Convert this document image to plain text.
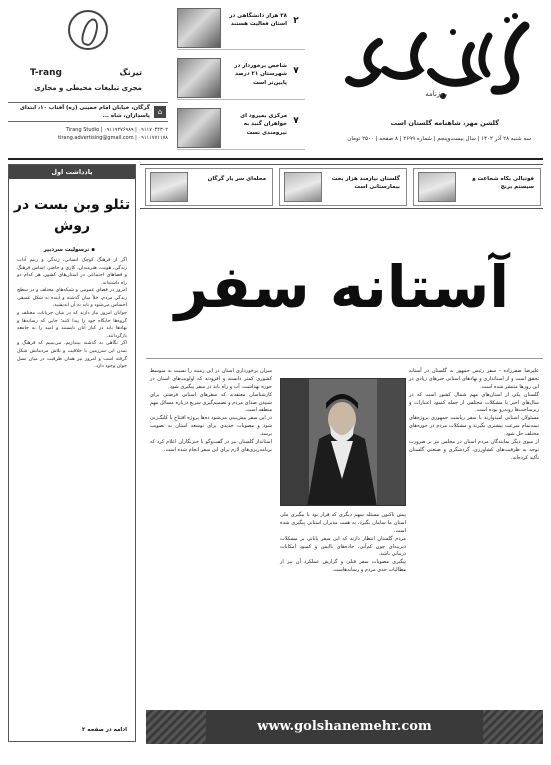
روزنامه
گلشن مهر، شاهنامه گلستان است
سه شنبه ۲۸ آذر ۱۴۰۲ | سال بیست‌وپنجم | شماره ۲۶۹۹ | ۸ صفحه | ۲۵۰۰ تومان
۲
۳۸ هزار دانشگاهی در استان فعالیت هستند
۷
شاخص برخوردار در شهرستان ۲۱ درصد پایین‌تر است
۷
مرکزی بمیرود ای خواهران گنبد به نیرومندی تست
T-rang	تیرنگ
مجری تبلیغات محیطی و مجازی
⌂
گرگان، خیابان امام خمینی (ره) آفتاب ۱۰، ابتدای پاسداران، شاه ...
۰۹۱۱۷۰۴۴۳۰۲ | ۰۹۱۱۹۲۷۶۹۸۹ | Tirang Studio
۰۹۱۱۱۷۷۱۱۷۸ | tirang.advertising@gmail.com
فوتبالی یکاه شجاعت و سیستم برنج
گلستان نیازمند هزار بخت بیمارستانی است
محله‌ای سر یار گرگان
یادداشت اول
تئلو وبن بست در روش
▪ نرسولیت سردبیر
اگر از فرهنگ کوچک انسانی، زندگی و ریتم آداب زندگی، هویت، هنرمندان، کاری و حاضر، اساس فرهنگ و فضاهای اجتماعی در استان‌های کشور، هر کدام دو راه داشته‌اند.
امروز در فضای عمومی و شبکه‌های مختلف و در سطح زندگی مردم، خلأ میان گذشته و آینده به شکل عمیقی احساس می‌شود و باید به آن اندیشید.
جوانان امروز نیاز دارند که در میان جریانات مختلف و گروه‌ها جایگاه خود را پیدا کنند؛ جایی که رسانه‌ها و نهادها باید در کنار آنان بایستند و امید را به جامعه بازگردانند.
اگر نگاهی به گذشته بیندازیم، می‌بینیم که فرهنگ و تمدن این سرزمین با خلاقیت و تلاش مردمانش شکل گرفته است و امروز نیز همان ظرفیت در میان نسل جوان وجود دارد.
ادامه در صفحه ۲
آستانه سفر
علیرضا صفرزاده - سفر رئیس جمهور به گلستان در آستانه تحقق است و از استانداری و نهادهای استانی خبرهای زیادی در این روزها منتشر شده است.
گلستان یکی از استان‌های مهم شمال کشور است که در سال‌های اخیر با مشکلات مختلفی از جمله کمبود اعتبارات و زیرساخت‌ها روبه‌رو بوده است.
مسئولان استانی امیدوارند با سفر ریاست جمهوری پروژه‌های نیمه‌تمام سرعت بیشتری بگیرند و مشکلات مردم در حوزه‌های مختلف حل شود.
از سوی دیگر نمایندگان مردم استان در مجلس نیز بر ضرورت توجه به ظرفیت‌های کشاورزی، گردشگری و صنعتی گلستان تأکید کرده‌اند.
پیش تاکنون مسئله سهم دیگری که قرار بود با پیگیری ملی استان ما سامان بگیرد، به همت مدیران استانی پیگیری شده است.
مردم گلستان انتظار دارند که این سفر پایانی بر مشکلات دیرینه‌ای چون کم‌آبی، جاده‌های ناایمن و کمبود امکانات درمانی باشد.
پیگیری مصوبات سفر قبلی و گزارش عملکرد آن نیز از مطالبات جدی مردم و رسانه‌هاست.
میزان برخورداری استان در این زمینه را نسبت به متوسط کشوری کمتر دانسته و افزودند که اولویت‌های استان در حوزه بهداشت، آب و راه باید در سفر پیگیری شود.
کارشناسان معتقدند که سفرهای استانی فرصتی برای شنیدن صدای مردم و تصمیم‌گیری سریع درباره مسائل مهم منطقه است.
در این سفر پیش‌بینی می‌شود ده‌ها پروژه افتتاح یا کلنگ‌زنی شود و مصوبات جدیدی برای توسعه استان به تصویب برسد.
استاندار گلستان نیز در گفت‌وگو با خبرنگاران اعلام کرد که برنامه‌ریزی‌های لازم برای این سفر انجام شده است.
www.golshanemehr.com
